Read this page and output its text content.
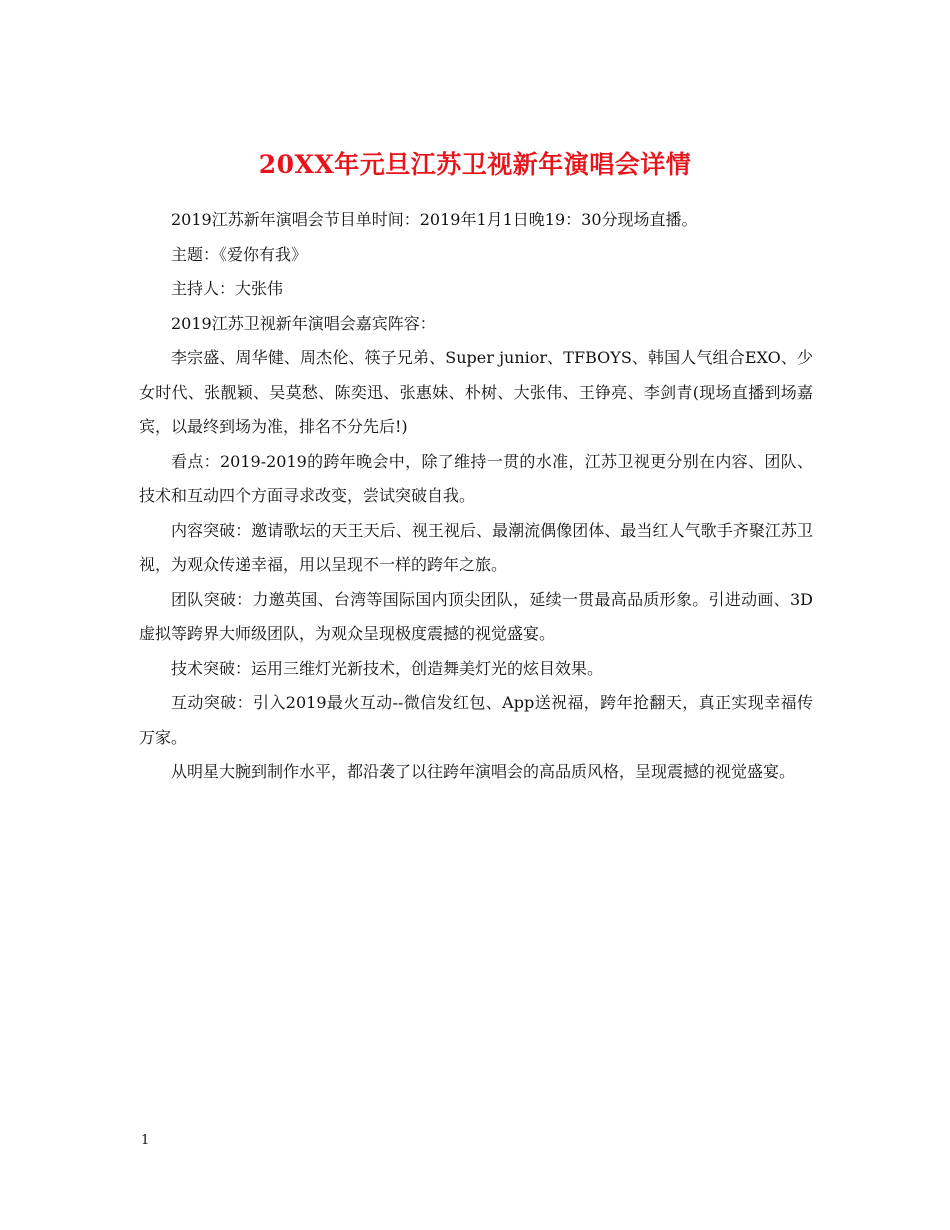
20XX年元旦江苏卫视新年演唱会详情

2019江苏新年演唱会节目单时间：2019年1月1日晚19：30分现场直播。

主题：《爱你有我》

主持人：大张伟

2019江苏卫视新年演唱会嘉宾阵容：

李宗盛、周华健、周杰伦、筷子兄弟、Super junior、TFBOYS、韩国人气组合EXO、少女时代、张靓颖、吴莫愁、陈奕迅、张惠妹、朴树、大张伟、王铮亮、李剑青(现场直播到场嘉宾，以最终到场为准，排名不分先后!)

看点：2019-2019的跨年晚会中，除了维持一贯的水准，江苏卫视更分别在内容、团队、技术和互动四个方面寻求改变，尝试突破自我。

内容突破：邀请歌坛的天王天后、视王视后、最潮流偶像团体、最当红人气歌手齐聚江苏卫视，为观众传递幸福，用以呈现不一样的跨年之旅。

团队突破：力邀英国、台湾等国际国内顶尖团队，延续一贯最高品质形象。引进动画、3D虚拟等跨界大师级团队，为观众呈现极度震撼的视觉盛宴。

技术突破：运用三维灯光新技术，创造舞美灯光的炫目效果。

互动突破：引入2019最火互动--微信发红包、App送祝福，跨年抢翻天，真正实现幸福传万家。

从明星大腕到制作水平，都沿袭了以往跨年演唱会的高品质风格，呈现震撼的视觉盛宴。

1
